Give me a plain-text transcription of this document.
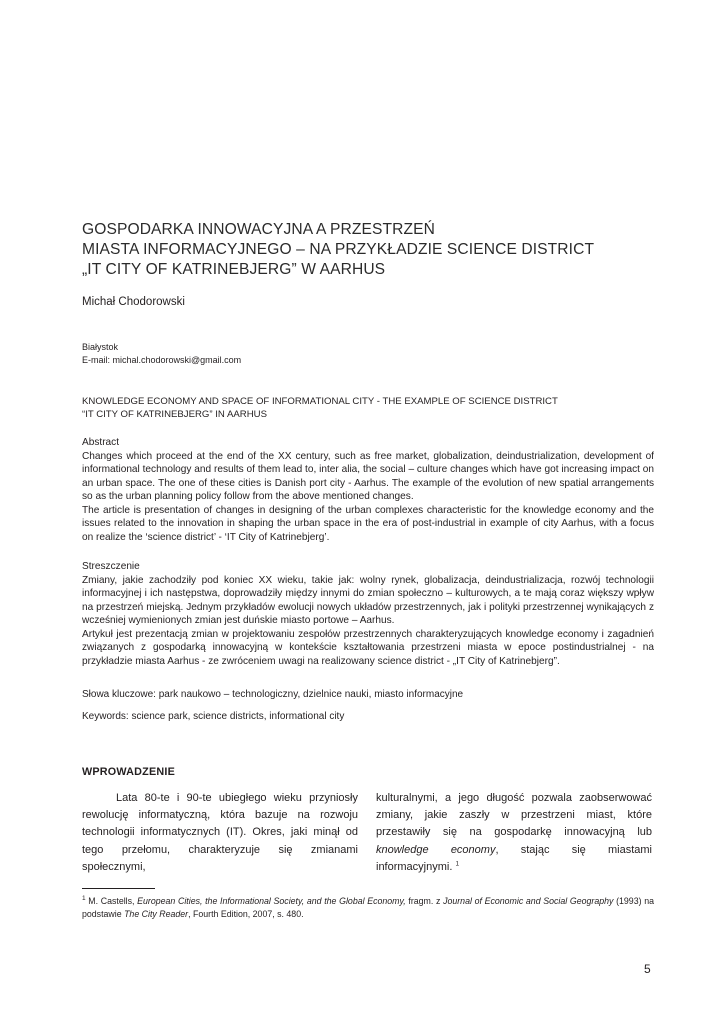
GOSPODARKA INNOWACYJNA A PRZESTRZEŃ
MIASTA INFORMACYJNEGO – NA PRZYKŁADZIE SCIENCE DISTRICT
„IT CITY OF KATRINEBJERG” W AARHUS
Michał Chodorowski
Białystok
E-mail: michal.chodorowski@gmail.com
KNOWLEDGE ECONOMY AND SPACE OF INFORMATIONAL CITY - THE EXAMPLE OF SCIENCE DISTRICT
“IT CITY OF KATRINEBJERG” IN AARHUS
Abstract

Changes which proceed at the end of the XX century, such as free market, globalization, deindustrialization, development of informational technology and results of them lead to, inter alia, the social – culture changes which have got increasing impact on an urban space. The one of these cities is Danish port city - Aarhus. The example of the evolution of new spatial arrangements so as the urban planning policy follow from the above mentioned changes.

The article is presentation of changes in designing of the urban complexes characteristic for the knowledge economy and the issues related to the innovation in shaping the urban space in the era of post-industrial in example of city Aarhus, with a focus on realize the ‘science district’ - ‘IT City of Katrinebjerg’.

Streszczenie

Zmiany, jakie zachodziły pod koniec XX wieku, takie jak: wolny rynek, globalizacja, deindustrializacja, rozwój technologii informacyjnej i ich następstwa, doprowadziły między innymi do zmian społeczno – kulturowych, a te mają coraz większy wpływ na przestrzeń miejską. Jednym przykładów ewolucji nowych układów przestrzennych, jak i polityki przestrzennej wynikających z wcześniej wymienionych zmian jest duńskie miasto portowe – Aarhus.

Artykuł jest prezentacją zmian w projektowaniu zespołów przestrzennych charakteryzujących knowledge economy i zagadnień związanych z gospodarką innowacyjną w kontekście kształtowania przestrzeni miasta w epoce postindustrialnej - na przykładzie miasta Aarhus - ze zwróceniem uwagi na realizowany science district - „IT City of Katrinebjerg”.

Słowa kluczowe: park naukowo – technologiczny, dzielnice nauki, miasto informacyjne
Keywords: science park, science districts, informational city
WPROWADZENIE

Lata 80-te i 90-te ubiegłego wieku przyniosły rewolucję informatyczną, która bazuje na rozwoju technologii informatycznych (IT). Okres, jaki minął od tego przełomu, charakteryzuje się zmianami społecznymi,

kulturalnymi, a jego długość pozwala zaobserwować zmiany, jakie zaszły w przestrzeni miast, które przestawiły się na gospodarkę innowacyjną lub knowledge economy, stając się miastami informacyjnymi. $^1$

$^1$ M. Castells, European Cities, the Informational Society, and the Global Economy, fragm. z Journal of Economic and Social Geography (1993) na podstawie The City Reader, Fourth Edition, 2007, s. 480.
5
